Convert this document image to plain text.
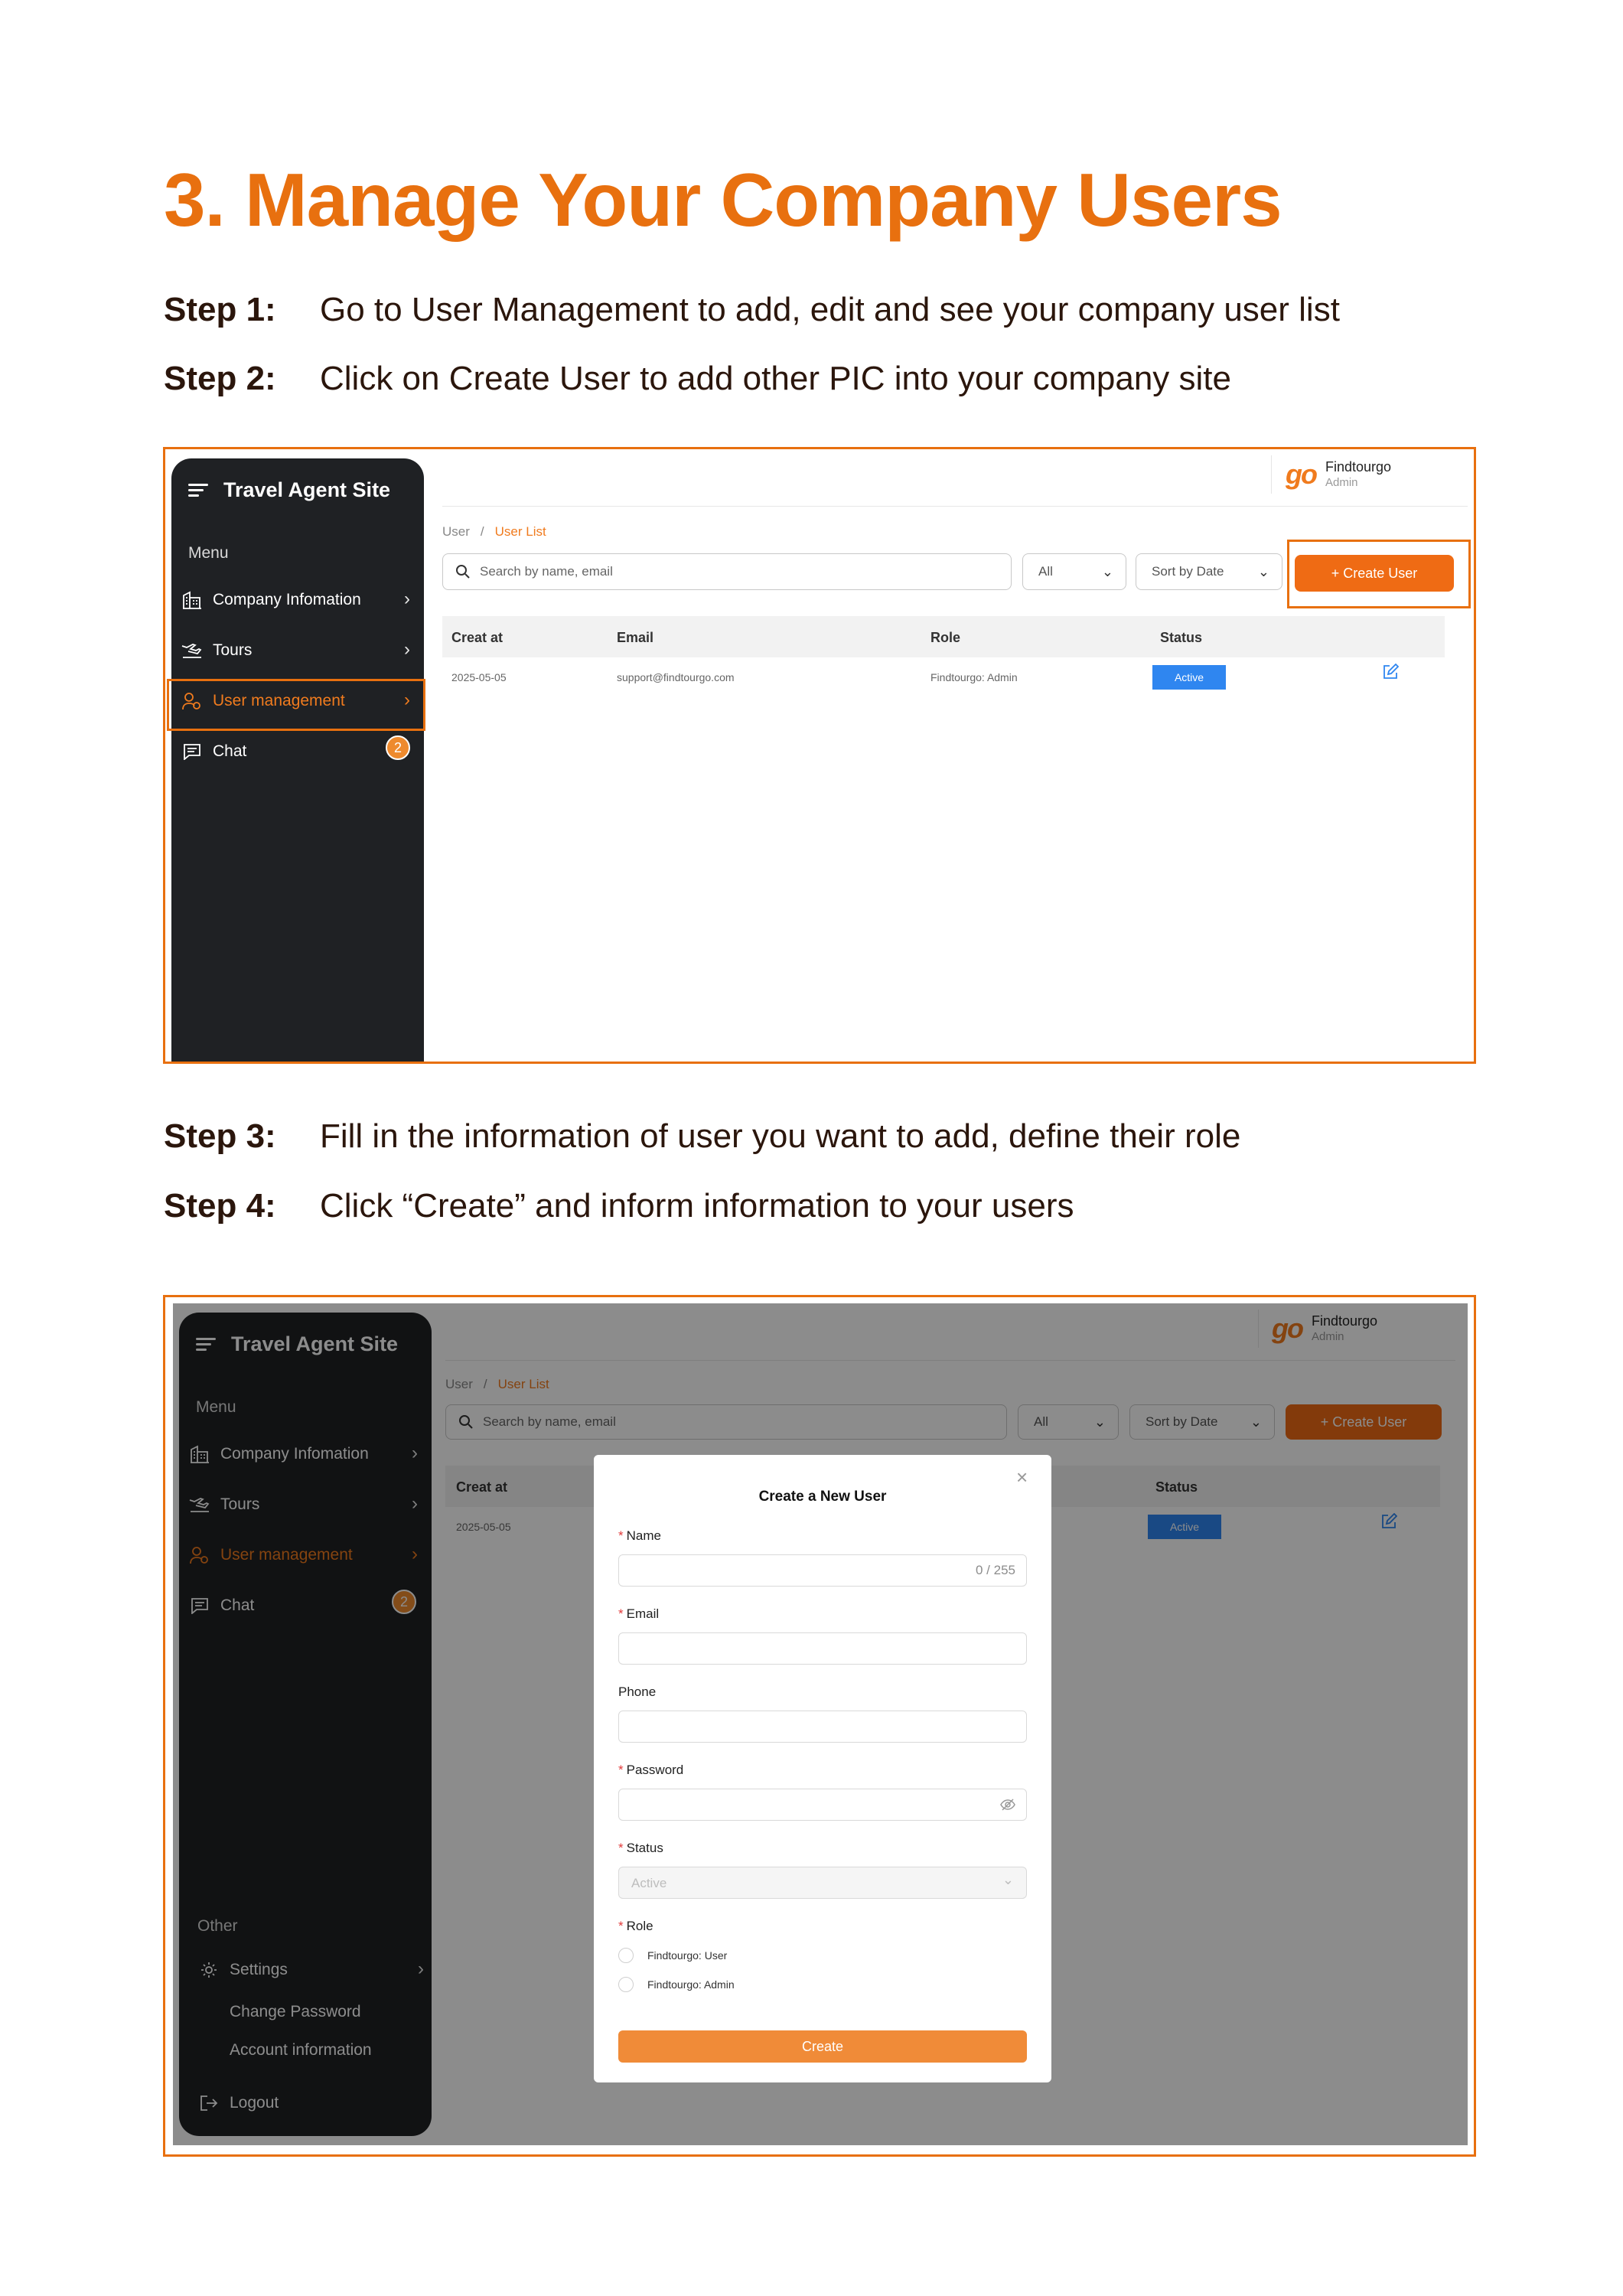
3. Manage Your Company Users
Step 1: Go to User Management to add, edit and see your company user list
Step 2: Click on Create User to add other PIC into your company site
Travel Agent Site
Menu
Company Infomation ›
Tours	›
User management	›
Chat	2
go Findtourgo
Admin
User / User List
Search by name, email	All	⌄	Sort by Date ⌄	+ Create User
Creat at	Email	Role	Status
2025-05-05	support@findtourgo.com	Findtourgo: Admin	Active
Step 3: Fill in the information of user you want to add, define their role
Step 4: Click “Create” and inform information to your users
Travel Agent Site
Menu
Company Infomation ›
Tours	›
User management	›
Chat	2
Other
Settings	›
Change Password
Account information
Logout
go Findtourgo
Admin
User / User List
Search by name, email	All	⌄	Sort by Date ⌄	+ Create User
Creat at	Status
2025-05-05	Active
Create a New User
×
* Name
0 / 255
* Email
Phone
* Password
* Status
Active	⌄
* Role
Findtourgo: User
Findtourgo: Admin
Create
